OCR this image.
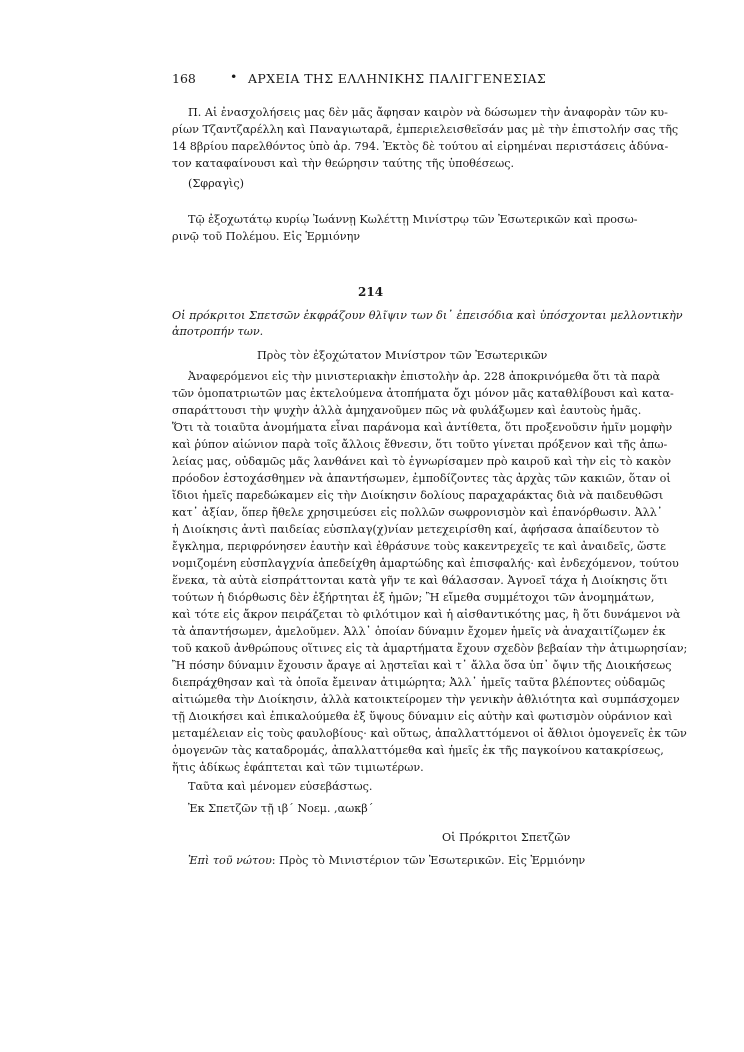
168	• ΑΡΧΕΙΑ ΤΗΣ ΕΛΛΗΝΙΚΗΣ ΠΑΛΙΓΓΕΝΕΣΙΑΣ
Π. Αἱ ἐνασχολήσεις μας δὲν μᾶς ἄφησαν καιρὸν νὰ δώσωμεν τὴν ἀναφορὰν τῶν κυ-
ρίων Τζαντζαρέλλη καὶ Παναγιωταρᾶ, ἐμπεριελεισθεῖσάν μας μὲ τὴν ἐπιστολήν σας τῆς
14 8βρίου παρελθόντος ὑπὸ ἀρ. 794. Ἐκτὸς δὲ τούτου αἱ εἰρημέναι περιστάσεις ἀδύνα-
τον καταφαίνουσι καὶ τὴν θεώρησιν ταύτης τῆς ὑποθέσεως.
(Σφραγὶς)
Τῷ ἐξοχωτάτῳ κυρίῳ Ἰωάννῃ Κωλέττῃ Μινίστρῳ τῶν Ἐσωτερικῶν καὶ προσω-
ρινῷ τοῦ Πολέμου. Εἰς Ἑρμιόνην
214
Οἱ πρόκριτοι Σπετσῶν ἐκφράζουν θλῖψιν των δι᾽ ἐπεισόδια καὶ ὑπόσχονται μελλοντικὴν
ἀποτροπήν των.
Πρὸς τὸν ἐξοχώτατον Μινίστρον τῶν Ἐσωτερικῶν
Ἀναφερόμενοι εἰς τὴν μινιστεριακὴν ἐπιστολὴν ἀρ. 228 ἀποκρινόμεθα ὅτι τὰ παρὰ
τῶν ὁμοπατριωτῶν μας ἐκτελούμενα ἀτοπήματα ὄχι μόνον μᾶς καταθλίβουσι καὶ κατα-
σπαράττουσι τὴν ψυχὴν ἀλλὰ ἀμηχανοῦμεν πῶς νὰ φυλάξωμεν καὶ ἑαυτοὺς ἡμᾶς.
Ὅτι τὰ τοιαῦτα ἀνομήματα εἶναι παράνομα καὶ ἀντίθετα, ὅτι προξενοῦσιν ἡμῖν μομφὴν
καὶ ῥύπον αἰώνιον παρὰ τοῖς ἄλλοις ἔθνεσιν, ὅτι τοῦτο γίνεται πρόξενον καὶ τῆς ἀπω-
λείας μας, οὐδαμῶς μᾶς λανθάνει καὶ τὸ ἐγνωρίσαμεν πρὸ καιροῦ καὶ τὴν εἰς τὸ κακὸν
πρόοδον ἐστοχάσθημεν νὰ ἀπαντήσωμεν, ἐμποδίζοντες τὰς ἀρχὰς τῶν κακιῶν, ὅταν οἱ
ἴδιοι ἡμεῖς παρεδώκαμεν εἰς τὴν Διοίκησιν δολίους παραχαράκτας διὰ νὰ παιδευθῶσι
κατ᾽ ἀξίαν, ὅπερ ἤθελε χρησιμεύσει εἰς πολλῶν σωφρονισμὸν καὶ ἐπανόρθωσιν. Ἀλλ᾽
ἡ Διοίκησις ἀντὶ παιδείας εὐσπλαγ(χ)νίαν μετεχειρίσθη καί, ἀφήσασα ἀπαίδευτον τὸ
ἔγκλημα, περιφρόνησεν ἑαυτὴν καὶ ἐθράσυνε τοὺς κακεντρεχεῖς τε καὶ ἀναιδεῖς, ὥστε
νομιζομένη εὐσπλαγχνία ἀπεδείχθη ἁμαρτώδης καὶ ἐπισφαλής· καὶ ἐνδεχόμενον, τούτου
ἕνεκα, τὰ αὐτὰ εἰσπράττονται κατὰ γῆν τε καὶ θάλασσαν. Ἀγνοεῖ τάχα ἡ Διοίκησις ὅτι
τούτων ἡ διόρθωσις δὲν ἐξήρτηται ἐξ ἡμῶν; Ἢ εἴμεθα συμμέτοχοι τῶν ἀνομημάτων,
καὶ τότε εἰς ἄκρον πειράζεται τὸ φιλότιμον καὶ ἡ αἰσθαντικότης μας, ἢ ὅτι δυνάμενοι νὰ
τὰ ἀπαντήσωμεν, ἀμελοῦμεν. Ἀλλ᾽ ὁποίαν δύναμιν ἔχομεν ἡμεῖς νὰ ἀναχαιτίζωμεν ἐκ
τοῦ κακοῦ ἀνθρώπους οἵτινες εἰς τὰ ἁμαρτήματα ἔχουν σχεδὸν βεβαίαν τὴν ἀτιμωρησίαν;
Ἢ πόσην δύναμιν ἔχουσιν ἄραγε αἱ λῃστεῖαι καὶ τ᾽ ἄλλα ὅσα ὑπ᾽ ὄψιν τῆς Διοικήσεως
διεπράχθησαν καὶ τὰ ὁποῖα ἔμειναν ἀτιμώρητα; Ἀλλ᾽ ἡμεῖς ταῦτα βλέποντες οὐδαμῶς
αἰτιώμεθα τὴν Διοίκησιν, ἀλλὰ κατοικτείρομεν τὴν γενικὴν ἀθλιότητα καὶ συμπάσχομεν
τῇ Διοικήσει καὶ ἐπικαλούμεθα ἐξ ὕψους δύναμιν εἰς αὐτὴν καὶ φωτισμὸν οὐράνιον καὶ
μεταμέλειαν εἰς τοὺς φαυλοβίους· καὶ οὕτως, ἀπαλλαττόμενοι οἱ ἄθλιοι ὁμογενεῖς ἐκ τῶν
ὁμογενῶν τὰς καταδρομάς, ἀπαλλαττόμεθα καὶ ἡμεῖς ἐκ τῆς παγκοίνου κατακρίσεως,
ἥτις ἀδίκως ἐφάπτεται καὶ τῶν τιμιωτέρων.
Ταῦτα καὶ μένομεν εὐσεβάστως.
Ἐκ Σπετζῶν τῇ ιβ΄ Νοεμ. ,αωκβ΄
Οἱ Πρόκριτοι Σπετζῶν
Ἐπὶ τοῦ νώτου: Πρὸς τὸ Μινιστέριον τῶν Ἐσωτερικῶν. Εἰς Ἑρμιόνην
